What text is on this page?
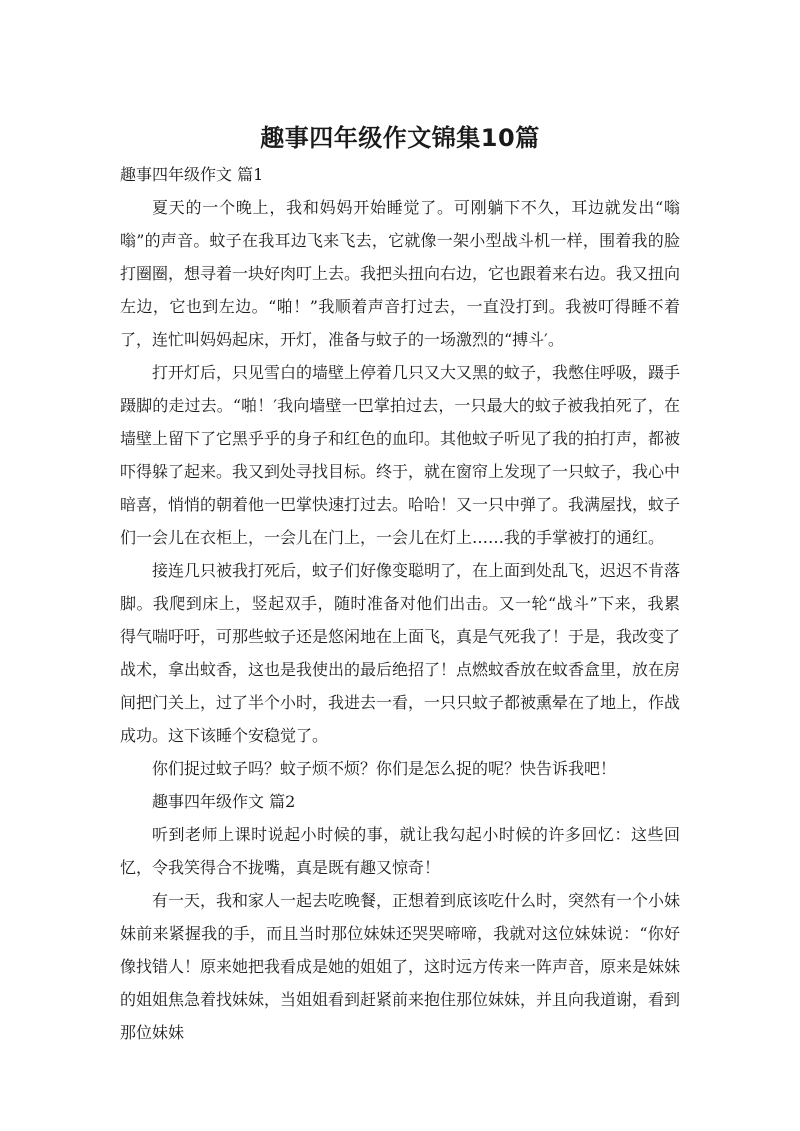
趣事四年级作文锦集10篇

趣事四年级作文 篇1

夏天的一个晚上，我和妈妈开始睡觉了。可刚躺下不久，耳边就发出“嗡嗡”的声音。蚊子在我耳边飞来飞去，它就像一架小型战斗机一样，围着我的脸打圈圈，想寻着一块好肉叮上去。我把头扭向右边，它也跟着来右边。我又扭向左边，它也到左边。“啪！”我顺着声音打过去，一直没打到。我被叮得睡不着了，连忙叫妈妈起床，开灯，准备与蚊子的一场激烈的“搏斗′。

打开灯后，只见雪白的墙壁上停着几只又大又黑的蚊子，我憋住呼吸，蹑手蹑脚的走过去。“啪！′我向墙壁一巴掌拍过去，一只最大的蚊子被我拍死了，在墙壁上留下了它黑乎乎的身子和红色的血印。其他蚊子听见了我的拍打声，都被吓得躲了起来。我又到处寻找目标。终于，就在窗帘上发现了一只蚊子，我心中暗喜，悄悄的朝着他一巴掌快速打过去。哈哈！又一只中弹了。我满屋找，蚊子们一会儿在衣柜上，一会儿在门上，一会儿在灯上……我的手掌被打的通红。

接连几只被我打死后，蚊子们好像变聪明了，在上面到处乱飞，迟迟不肯落脚。我爬到床上，竖起双手，随时准备对他们出击。又一轮“战斗”下来，我累得气喘吁吁，可那些蚊子还是悠闲地在上面飞，真是气死我了！于是，我改变了战术，拿出蚊香，这也是我使出的最后绝招了！点燃蚊香放在蚊香盒里，放在房间把门关上，过了半个小时，我进去一看，一只只蚊子都被熏晕在了地上，作战成功。这下该睡个安稳觉了。

你们捉过蚊子吗？蚊子烦不烦？你们是怎么捉的呢？快告诉我吧！

趣事四年级作文 篇2

听到老师上课时说起小时候的事，就让我勾起小时候的许多回忆：这些回忆，令我笑得合不拢嘴，真是既有趣又惊奇！

有一天，我和家人一起去吃晚餐，正想着到底该吃什么时，突然有一个小妹妹前来紧握我的手，而且当时那位妹妹还哭哭啼啼，我就对这位妹妹说：“你好像找错人！原来她把我看成是她的姐姐了，这时远方传来一阵声音，原来是妹妹的姐姐焦急着找妹妹，当姐姐看到赶紧前来抱住那位妹妹，并且向我道谢，看到那位妹妹
